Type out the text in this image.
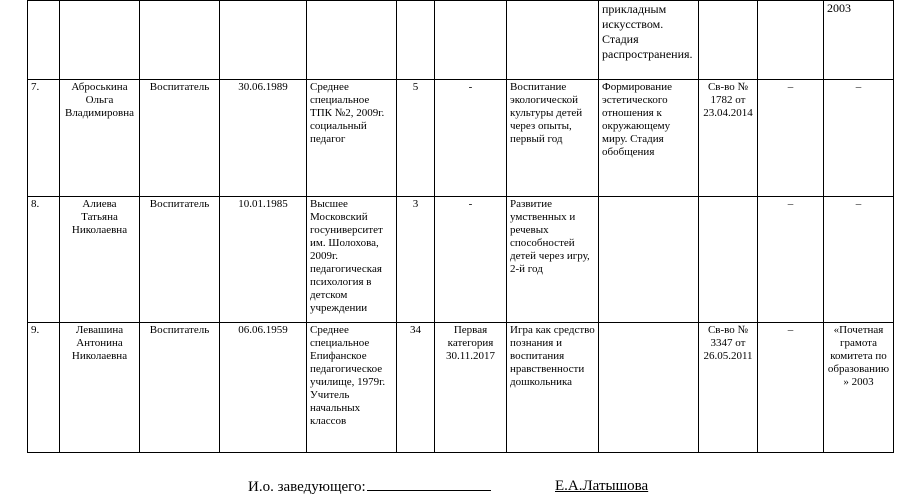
								прикладным искусством. Стадия распространения.			2003
7.	Аброськина Ольга Владимировна	Воспитатель	30.06.1989	Среднее специальное ТПК №2, 2009г. социальный педагог	5	-	Воспитание экологической культуры детей через опыты, первый год	Формирование эстетического отношения к окружающему миру. Стадия обобщения	Св-во № 1782 от 23.04.2014	–	–
8.	Алиева Татьяна Николаевна	Воспитатель	10.01.1985	Высшее Московский госуниверситет им. Шолохова, 2009г. педагогическая психология в детском учреждении	3	-	Развитие умственных и речевых способностей детей через игру, 2-й год			–	–
9.	Левашина Антонина Николаевна	Воспитатель	06.06.1959	Среднее специальное Епифанское педагогическое училище, 1979г. Учитель начальных классов	34	Первая категория 30.11.2017	Игра как средство познания и воспитания нравственности дошкольника		Св-во № 3347 от 26.05.2011	–	«Почетная грамота комитета по образованию» 2003
И.о. заведующего:	Е.А.Латышова
